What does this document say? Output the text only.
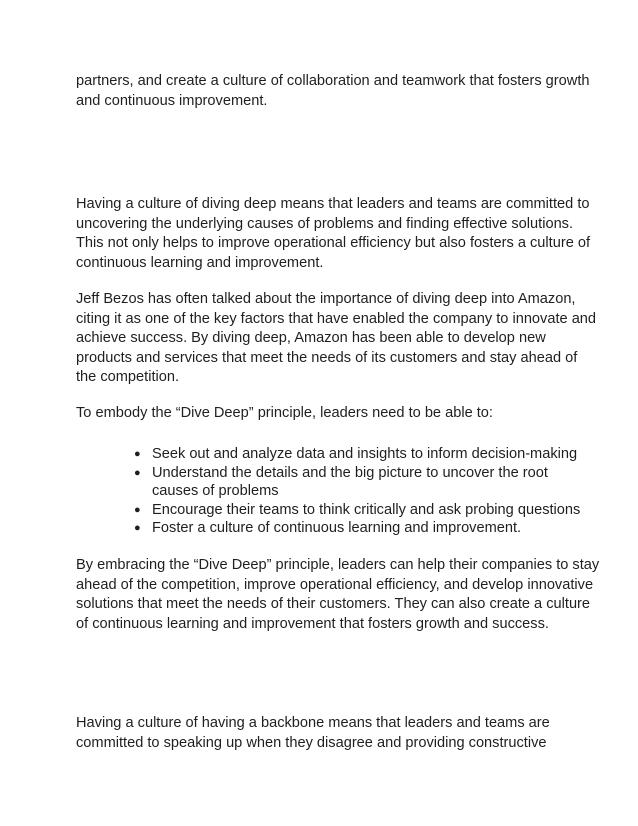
partners, and create a culture of collaboration and teamwork that fosters growth
and continuous improvement.

Having a culture of diving deep means that leaders and teams are committed to
uncovering the underlying causes of problems and finding effective solutions.
This not only helps to improve operational efficiency but also fosters a culture of
continuous learning and improvement.

Jeff Bezos has often talked about the importance of diving deep into Amazon,
citing it as one of the key factors that have enabled the company to innovate and
achieve success. By diving deep, Amazon has been able to develop new
products and services that meet the needs of its customers and stay ahead of
the competition.

To embody the “Dive Deep” principle, leaders need to be able to:

● Seek out and analyze data and insights to inform decision-making
● Understand the details and the big picture to uncover the root causes of problems
● Encourage their teams to think critically and ask probing questions
● Foster a culture of continuous learning and improvement.

By embracing the “Dive Deep” principle, leaders can help their companies to stay
ahead of the competition, improve operational efficiency, and develop innovative
solutions that meet the needs of their customers. They can also create a culture
of continuous learning and improvement that fosters growth and success.

Having a culture of having a backbone means that leaders and teams are
committed to speaking up when they disagree and providing constructive
